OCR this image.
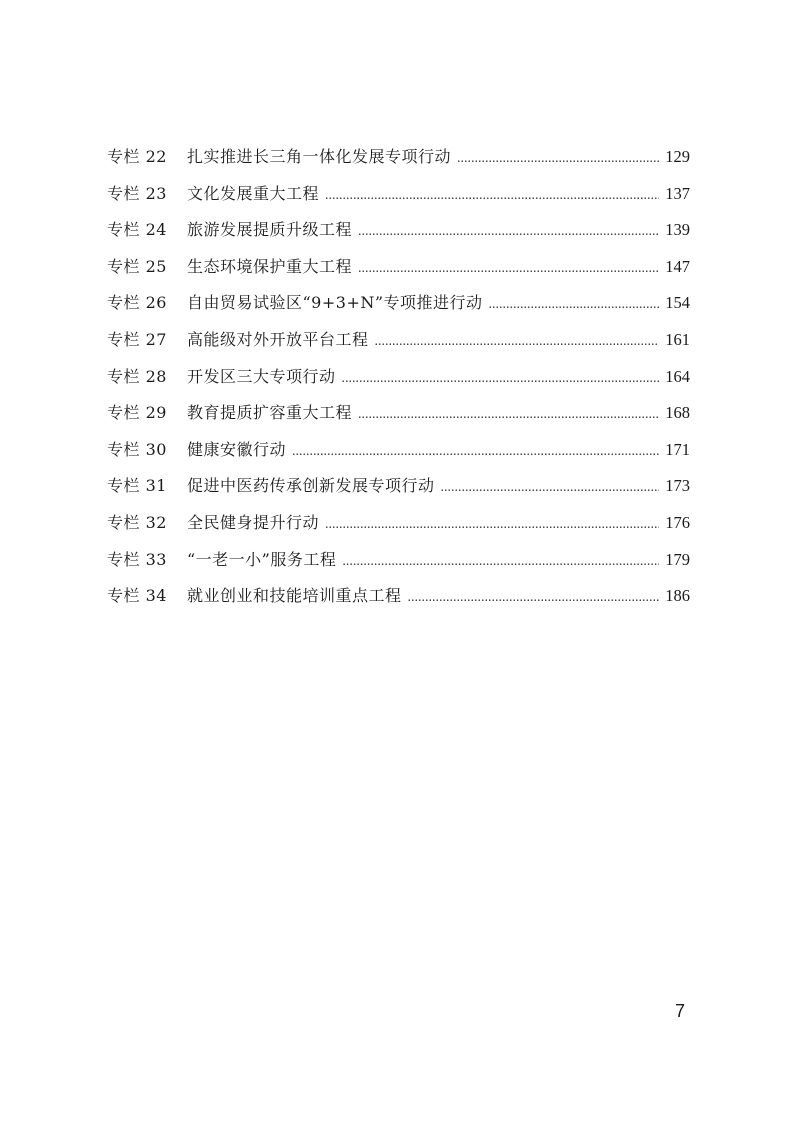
专栏 22	扎实推进长三角一体化发展专项行动 .....	129
专栏 23	文化发展重大工程 .....	137
专栏 24	旅游发展提质升级工程 .....	139
专栏 25	生态环境保护重大工程 .....	147
专栏 26	自由贸易试验区“9+3+N”专项推进行动 .....	154
专栏 27	高能级对外开放平台工程 .....	161
专栏 28	开发区三大专项行动 .....	164
专栏 29	教育提质扩容重大工程 .....	168
专栏 30	健康安徽行动 .....	171
专栏 31	促进中医药传承创新发展专项行动 .....	173
专栏 32	全民健身提升行动 .....	176
专栏 33	“一老一小”服务工程 .....	179
专栏 34	就业创业和技能培训重点工程 .....	186
7
